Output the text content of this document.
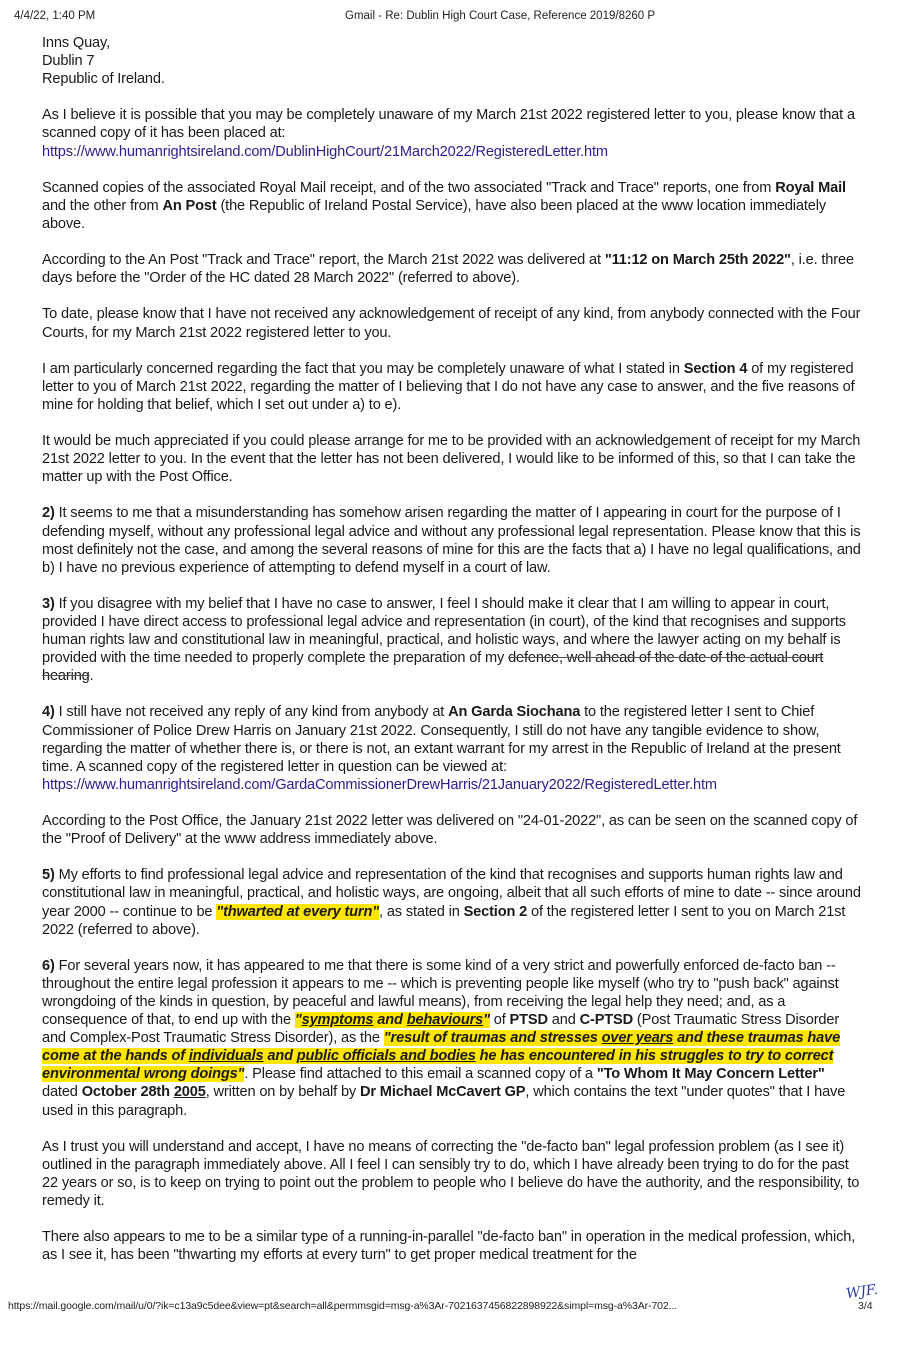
4/4/22, 1:40 PM	Gmail - Re: Dublin High Court Case, Reference 2019/8260 P

Inns Quay,
Dublin 7
Republic of Ireland.

As I believe it is possible that you may be completely unaware of my March 21st 2022 registered letter to you, please know that a scanned copy of it has been placed at:
https://www.humanrightsireland.com/DublinHighCourt/21March2022/RegisteredLetter.htm

Scanned copies of the associated Royal Mail receipt, and of the two associated "Track and Trace" reports, one from Royal Mail and the other from An Post (the Republic of Ireland Postal Service), have also been placed at the www location immediately above.

According to the An Post "Track and Trace" report, the March 21st 2022 was delivered at "11:12 on March 25th 2022", i.e. three days before the "Order of the HC dated 28 March 2022" (referred to above).

To date, please know that I have not received any acknowledgement of receipt of any kind, from anybody connected with the Four Courts, for my March 21st 2022 registered letter to you.

I am particularly concerned regarding the fact that you may be completely unaware of what I stated in Section 4 of my registered letter to you of March 21st 2022, regarding the matter of I believing that I do not have any case to answer, and the five reasons of mine for holding that belief, which I set out under a) to e).

It would be much appreciated if you could please arrange for me to be provided with an acknowledgement of receipt for my March 21st 2022 letter to you. In the event that the letter has not been delivered, I would like to be informed of this, so that I can take the matter up with the Post Office.

2) It seems to me that a misunderstanding has somehow arisen regarding the matter of I appearing in court for the purpose of I defending myself, without any professional legal advice and without any professional legal representation. Please know that this is most definitely not the case, and among the several reasons of mine for this are the facts that a) I have no legal qualifications, and b) I have no previous experience of attempting to defend myself in a court of law.

3) If you disagree with my belief that I have no case to answer, I feel I should make it clear that I am willing to appear in court, provided I have direct access to professional legal advice and representation (in court), of the kind that recognises and supports human rights law and constitutional law in meaningful, practical, and holistic ways, and where the lawyer acting on my behalf is provided with the time needed to properly complete the preparation of my defence, well ahead of the date of the actual court hearing.

4) I still have not received any reply of any kind from anybody at An Garda Siochana to the registered letter I sent to Chief Commissioner of Police Drew Harris on January 21st 2022. Consequently, I still do not have any tangible evidence to show, regarding the matter of whether there is, or there is not, an extant warrant for my arrest in the Republic of Ireland at the present time. A scanned copy of the registered letter in question can be viewed at:
https://www.humanrightsireland.com/GardaCommissionerDrewHarris/21January2022/RegisteredLetter.htm

According to the Post Office, the January 21st 2022 letter was delivered on "24-01-2022", as can be seen on the scanned copy of the "Proof of Delivery" at the www address immediately above.

5) My efforts to find professional legal advice and representation of the kind that recognises and supports human rights law and constitutional law in meaningful, practical, and holistic ways, are ongoing, albeit that all such efforts of mine to date -- since around year 2000 -- continue to be "thwarted at every turn", as stated in Section 2 of the registered letter I sent to you on March 21st 2022 (referred to above).

6) For several years now, it has appeared to me that there is some kind of a very strict and powerfully enforced de-facto ban -- throughout the entire legal profession it appears to me -- which is preventing people like myself (who try to "push back" against wrongdoing of the kinds in question, by peaceful and lawful means), from receiving the legal help they need; and, as a consequence of that, to end up with the "symptoms and behaviours" of PTSD and C-PTSD (Post Traumatic Stress Disorder and Complex-Post Traumatic Stress Disorder), as the "result of traumas and stresses over years and these traumas have come at the hands of individuals and public officials and bodies he has encountered in his struggles to try to correct environmental wrong doings". Please find attached to this email a scanned copy of a "To Whom It May Concern Letter" dated October 28th 2005, written on by behalf by Dr Michael McCavert GP, which contains the text "under quotes" that I have used in this paragraph.

As I trust you will understand and accept, I have no means of correcting the "de-facto ban" legal profession problem (as I see it) outlined in the paragraph immediately above. All I feel I can sensibly try to do, which I have already been trying to do for the past 22 years or so, is to keep on trying to point out the problem to people who I believe do have the authority, and the responsibility, to remedy it.

There also appears to me to be a similar type of a running-in-parallel "de-facto ban" in operation in the medical profession, which, as I see it, has been "thwarting my efforts at every turn" to get proper medical treatment for the

WJF.
https://mail.google.com/mail/u/0/?ik=c13a9c5dee&view=pt&search=all&permmsgid=msg-a%3Ar-7021637456822898922&simpl=msg-a%3Ar-702...	3/4
